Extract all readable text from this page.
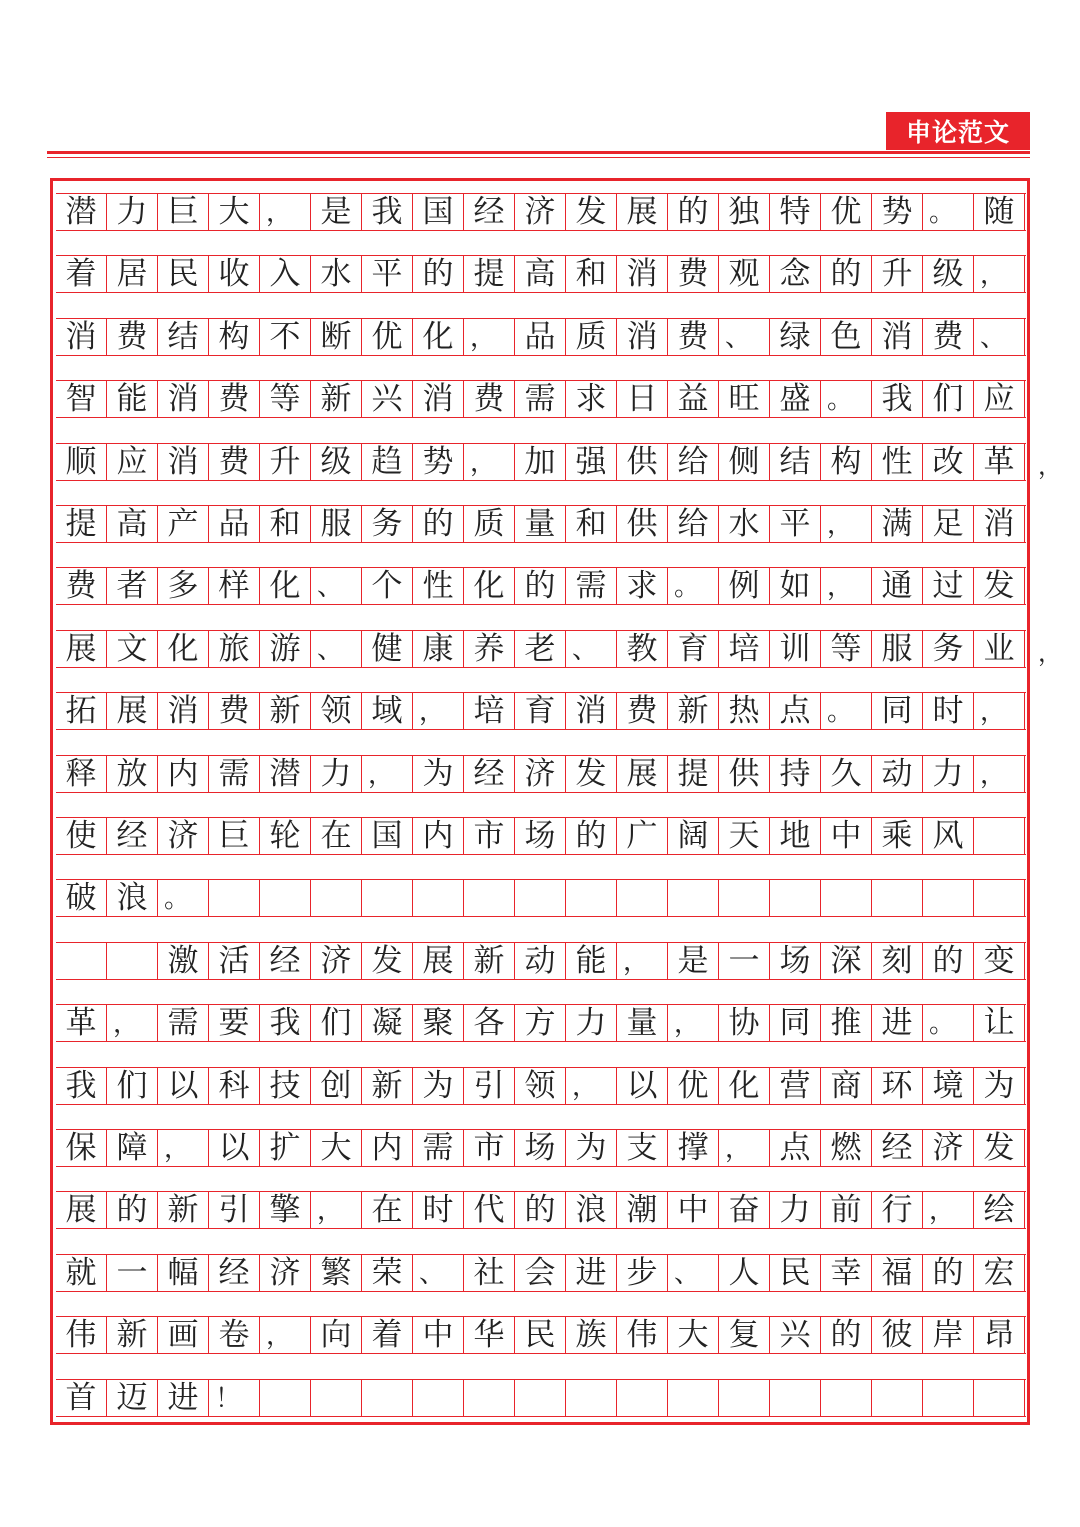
申论范文
潜 力 巨 大 ， 是 我 国 经 济 发 展 的 独 特 优 势 。 随
着 居 民 收 入 水 平 的 提 高 和 消 费 观 念 的 升 级 ，
消 费 结 构 不 断 优 化 ， 品 质 消 费 、 绿 色 消 费 、
智 能 消 费 等 新 兴 消 费 需 求 日 益 旺 盛 。 我 们 应
顺 应 消 费 升 级 趋 势 ， 加 强 供 给 侧 结 构 性 改 革
提 高 产 品 和 服 务 的 质 量 和 供 给 水 平 ， 满 足 消
费 者 多 样 化 、 个 性 化 的 需 求 。 例 如 ， 通 过 发
展 文 化 旅 游 、 健 康 养 老 、 教 育 培 训 等 服 务 业
拓 展 消 费 新 领 域 ， 培 育 消 费 新 热 点 。 同 时 ，
释 放 内 需 潜 力 ， 为 经 济 发 展 提 供 持 久 动 力 ，
使 经 济 巨 轮 在 国 内 市 场 的 广 阔 天 地 中 乘 风
破 浪 。
激 活 经 济 发 展 新 动 能 ， 是 一 场 深 刻 的 变
革 ， 需 要 我 们 凝 聚 各 方 力 量 ， 协 同 推 进 。 让
我 们 以 科 技 创 新 为 引 领 ， 以 优 化 营 商 环 境 为
保 障 ， 以 扩 大 内 需 市 场 为 支 撑 ， 点 燃 经 济 发
展 的 新 引 擎 ， 在 时 代 的 浪 潮 中 奋 力 前 行 ， 绘
就 一 幅 经 济 繁 荣 、 社 会 进 步 、 人 民 幸 福 的 宏
伟 新 画 卷 ， 向 着 中 华 民 族 伟 大 复 兴 的 彼 岸 昂
首 迈 进 ！
，
，
